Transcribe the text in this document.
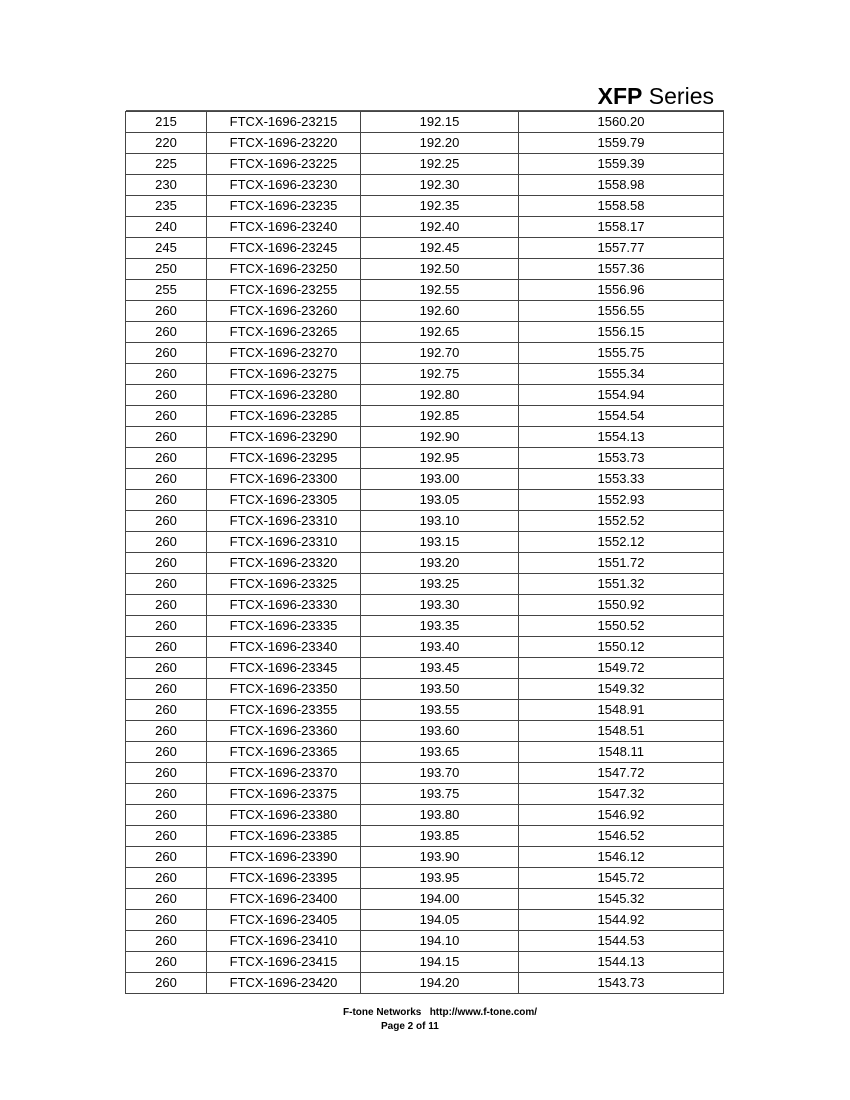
XFP Series
215	FTCX-1696-23215	192.15	1560.20
220	FTCX-1696-23220	192.20	1559.79
225	FTCX-1696-23225	192.25	1559.39
230	FTCX-1696-23230	192.30	1558.98
235	FTCX-1696-23235	192.35	1558.58
240	FTCX-1696-23240	192.40	1558.17
245	FTCX-1696-23245	192.45	1557.77
250	FTCX-1696-23250	192.50	1557.36
255	FTCX-1696-23255	192.55	1556.96
260	FTCX-1696-23260	192.60	1556.55
260	FTCX-1696-23265	192.65	1556.15
260	FTCX-1696-23270	192.70	1555.75
260	FTCX-1696-23275	192.75	1555.34
260	FTCX-1696-23280	192.80	1554.94
260	FTCX-1696-23285	192.85	1554.54
260	FTCX-1696-23290	192.90	1554.13
260	FTCX-1696-23295	192.95	1553.73
260	FTCX-1696-23300	193.00	1553.33
260	FTCX-1696-23305	193.05	1552.93
260	FTCX-1696-23310	193.10	1552.52
260	FTCX-1696-23310	193.15	1552.12
260	FTCX-1696-23320	193.20	1551.72
260	FTCX-1696-23325	193.25	1551.32
260	FTCX-1696-23330	193.30	1550.92
260	FTCX-1696-23335	193.35	1550.52
260	FTCX-1696-23340	193.40	1550.12
260	FTCX-1696-23345	193.45	1549.72
260	FTCX-1696-23350	193.50	1549.32
260	FTCX-1696-23355	193.55	1548.91
260	FTCX-1696-23360	193.60	1548.51
260	FTCX-1696-23365	193.65	1548.11
260	FTCX-1696-23370	193.70	1547.72
260	FTCX-1696-23375	193.75	1547.32
260	FTCX-1696-23380	193.80	1546.92
260	FTCX-1696-23385	193.85	1546.52
260	FTCX-1696-23390	193.90	1546.12
260	FTCX-1696-23395	193.95	1545.72
260	FTCX-1696-23400	194.00	1545.32
260	FTCX-1696-23405	194.05	1544.92
260	FTCX-1696-23410	194.10	1544.53
260	FTCX-1696-23415	194.15	1544.13
260	FTCX-1696-23420	194.20	1543.73
F-tone Networks http://www.f-tone.com/
Page 2 of 11
